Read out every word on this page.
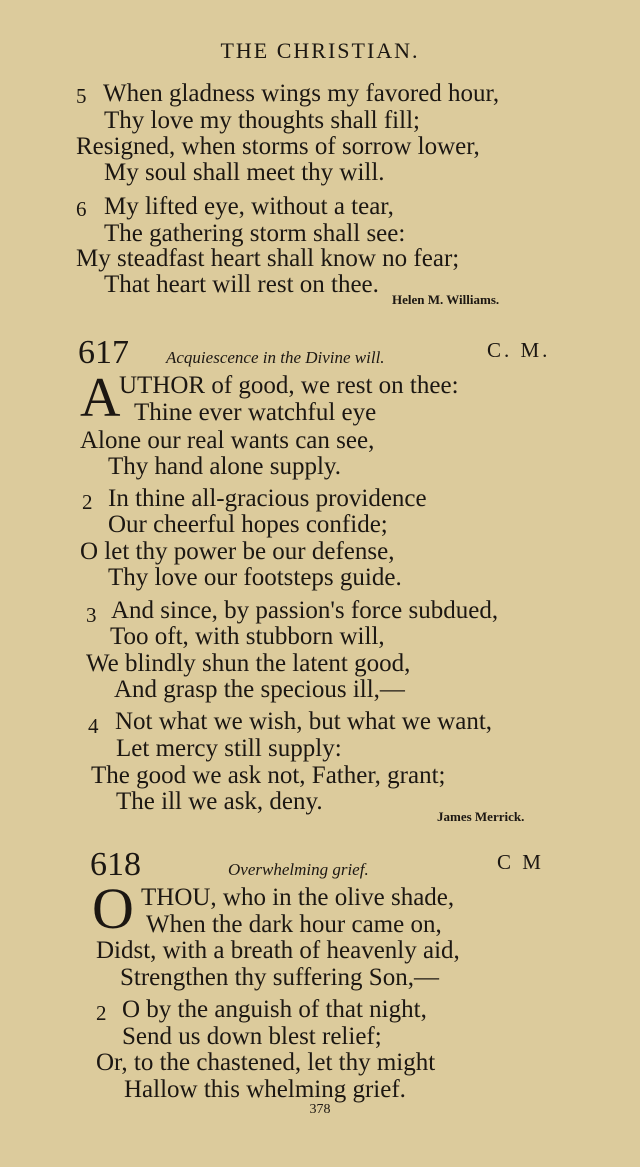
THE CHRISTIAN.
5 When gladness wings my favored hour,
Thy love my thoughts shall fill;
Resigned, when storms of sorrow lower,
My soul shall meet thy will.
6 My lifted eye, without a tear,
The gathering storm shall see:
My steadfast heart shall know no fear;
That heart will rest on thee.
Helen M. Williams.
617 Acquiescence in the Divine will.	C. M.
A
UTHOR of good, we rest on thee:
Thine ever watchful eye
Alone our real wants can see,
Thy hand alone supply.
2 In thine all-gracious providence
Our cheerful hopes confide;
O let thy power be our defense,
Thy love our footsteps guide.
3 And since, by passion's force subdued,
Too oft, with stubborn will,
We blindly shun the latent good,
And grasp the specious ill,—
4 Not what we wish, but what we want,
Let mercy still supply:
The good we ask not, Father, grant;
The ill we ask, deny.
James Merrick.
618	Overwhelming grief.	C M
O THOU, who in the olive shade,
When the dark hour came on,
Didst, with a breath of heavenly aid,
Strengthen thy suffering Son,—
2 O by the anguish of that night,
Send us down blest relief;
Or, to the chastened, let thy might
Hallow this whelming grief.
378
